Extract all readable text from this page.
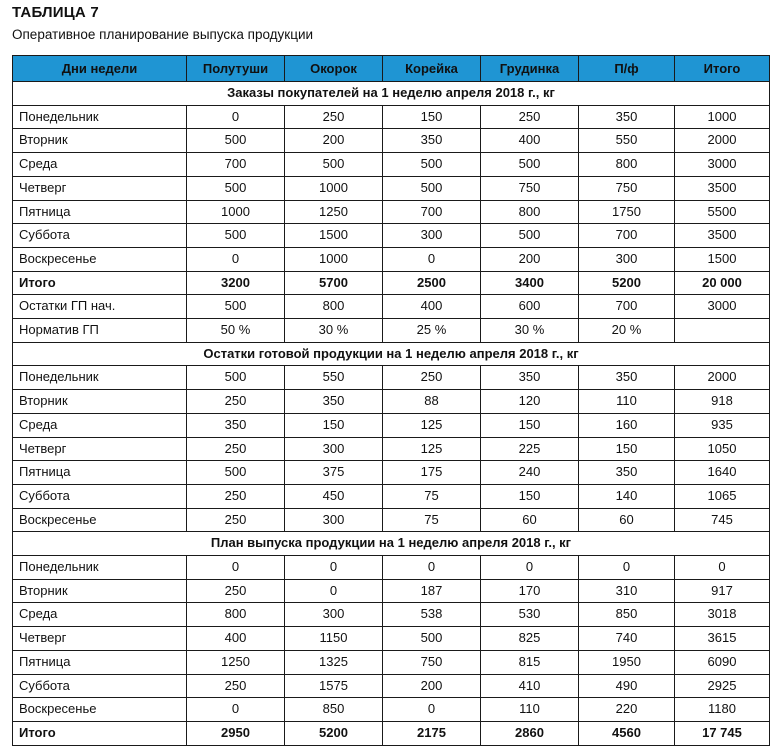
ТАБЛИЦА 7
Оперативное планирование выпуска продукции
Дни недели	Полутуши	Окорок	Корейка	Грудинка	П/ф	Итого
Заказы покупателей на 1 неделю апреля 2018 г., кг						
Понедельник	0	250	150	250	350	1000
Вторник	500	200	350	400	550	2000
Среда	700	500	500	500	800	3000
Четверг	500	1000	500	750	750	3500
Пятница	1000	1250	700	800	1750	5500
Суббота	500	1500	300	500	700	3500
Воскресенье	0	1000	0	200	300	1500
Итого	3200	5700	2500	3400	5200	20 000
Остатки ГП нач.	500	800	400	600	700	3000
Норматив ГП	50 %	30 %	25 %	30 %	20 %	
Остатки готовой продукции на 1 неделю апреля 2018 г., кг						
Понедельник	500	550	250	350	350	2000
Вторник	250	350	88	120	110	918
Среда	350	150	125	150	160	935
Четверг	250	300	125	225	150	1050
Пятница	500	375	175	240	350	1640
Суббота	250	450	75	150	140	1065
Воскресенье	250	300	75	60	60	745
План выпуска продукции на 1 неделю апреля 2018 г., кг						
Понедельник	0	0	0	0	0	0
Вторник	250	0	187	170	310	917
Среда	800	300	538	530	850	3018
Четверг	400	1150	500	825	740	3615
Пятница	1250	1325	750	815	1950	6090
Суббота	250	1575	200	410	490	2925
Воскресенье	0	850	0	110	220	1180
Итого	2950	5200	2175	2860	4560	17 745
